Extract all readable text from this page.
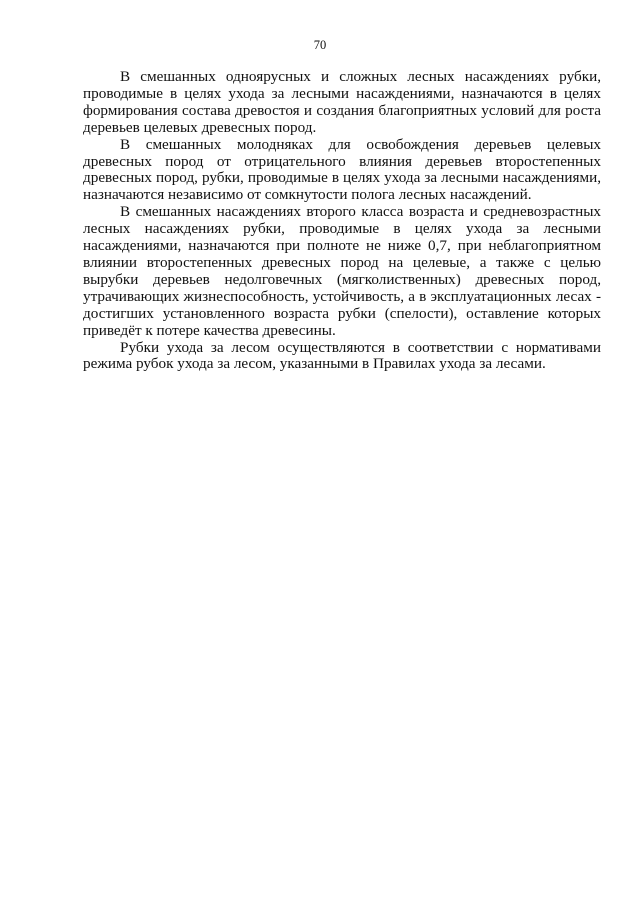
70

В смешанных одноярусных и сложных лесных насаждениях рубки, проводимые в целях ухода за лесными насаждениями, назначаются в целях формирования состава древостоя и создания благоприятных условий для роста деревьев целевых древесных пород.

В смешанных молодняках для освобождения деревьев целевых древесных пород от отрицательного влияния деревьев второстепенных древесных пород, рубки, проводимые в целях ухода за лесными насаждениями, назначаются независимо от сомкнутости полога лесных насаждений.

В смешанных насаждениях второго класса возраста и средневозрастных лесных насаждениях рубки, проводимые в целях ухода за лесными насаждениями, назначаются при полноте не ниже 0,7, при неблагоприятном влиянии второстепенных древесных пород на целевые, а также с целью вырубки деревьев недолговечных (мягколиственных) древесных пород, утрачивающих жизнеспособность, устойчивость, а в эксплуатационных лесах - достигших установленного возраста рубки (спелости), оставление которых приведёт к потере качества древесины.

Рубки ухода за лесом осуществляются в соответствии с нормативами режима рубок ухода за лесом, указанными в Правилах ухода за лесами.
